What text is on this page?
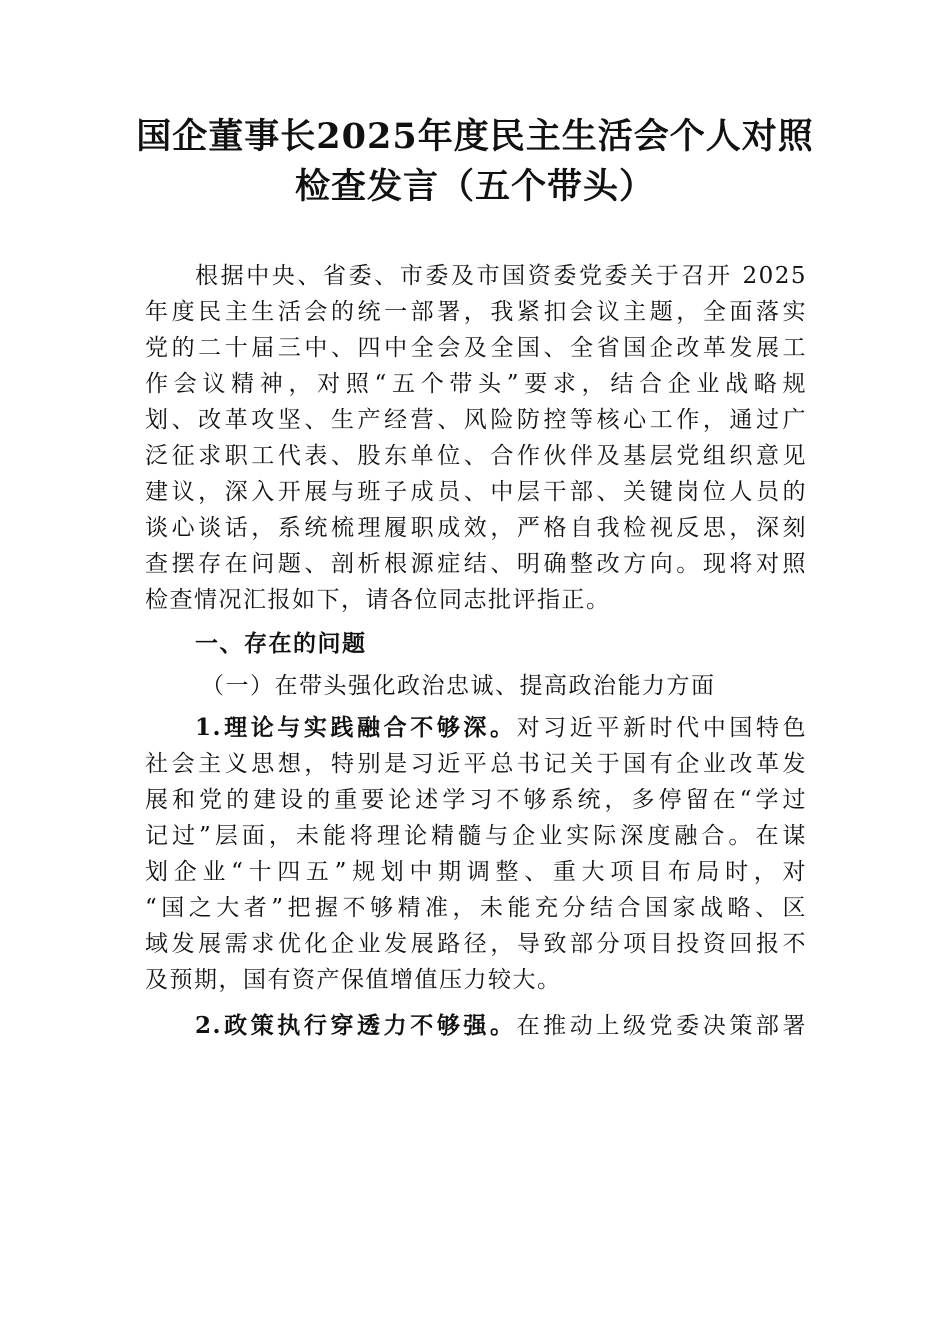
国企董事长2025年度民主生活会个人对照
检查发言（五个带头）

根据中央、省委、市委及市国资委党委关于召开 2025
年度民主生活会的统一部署，我紧扣会议主题，全面落实
党的二十届三中、四中全会及全国、全省国企改革发展工
作会议精神，对照“五个带头”要求，结合企业战略规
划、改革攻坚、生产经营、风险防控等核心工作，通过广
泛征求职工代表、股东单位、合作伙伴及基层党组织意见
建议，深入开展与班子成员、中层干部、关键岗位人员的
谈心谈话，系统梳理履职成效，严格自我检视反思，深刻
查摆存在问题、剖析根源症结、明确整改方向。现将对照
检查情况汇报如下，请各位同志批评指正。

一、存在的问题
（一）在带头强化政治忠诚、提高政治能力方面

1.理论与实践融合不够深。对习近平新时代中国特色
社会主义思想，特别是习近平总书记关于国有企业改革发
展和党的建设的重要论述学习不够系统，多停留在“学过
记过”层面，未能将理论精髓与企业实际深度融合。在谋
划企业“十四五”规划中期调整、重大项目布局时，对
“国之大者”把握不够精准，未能充分结合国家战略、区
域发展需求优化企业发展路径，导致部分项目投资回报不
及预期，国有资产保值增值压力较大。

2.政策执行穿透力不够强。在推动上级党委决策部署
